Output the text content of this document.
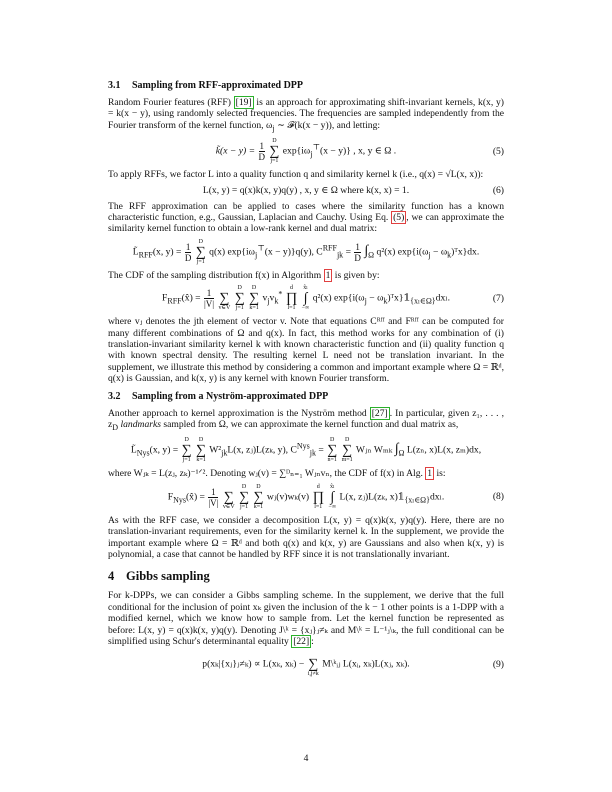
3.1 Sampling from RFF-approximated DPP

Random Fourier features (RFF) [19] is an approach for approximating shift-invariant kernels, k(x, y) = k(x − y), using randomly selected frequencies. The frequencies are sampled independently from the Fourier transform of the kernel function, $\omega_j$ ∼ 𝓕(k(x − y)), and letting:

k̃(x − $y) = \frac{1}{D}$
	D
∑
j=1
$\exp\{i\omega_j^⊤(x - y)\}$ , x, y ∈ Ω .	(5)

To apply RFFs, we factor L into a quality function q and similarity kernel k (i.e., q(x) = √L(x, x)):

L(x, y) = q(x)k(x, y)q(y) , x, y ∈ Ω where k(x, x) = 1.	(6)

The RFF approximation can be applied to cases where the similarity function has a known characteristic function, e.g., Gaussian, Laplacian and Cauchy. Using Eq. (5) , we can approximate the similarity kernel function to obtain a low-rank kernel and dual matrix:

$L̃_{RFF}(x$, $y) = \frac{1}{D}$
	D
∑
j=1
q(x) $\exp\{i\omega_j^⊤(x - y)\}q(y)$, $C^{RFF}_{jk} = \frac{1}{D} \int_\Omega$ q²(x) $\exp\{i(\omega_j$ − $\omega_k)ᵀx\}dx$.

The CDF of the sampling distribution f(x) in Algorithm 1 is given by:

$F_{RFF}(x̂) = \frac{1}{|V|}$

∑
v∈V

D
∑
j=1

D
∑
k=1
$v_jv_k^*$
d
∏
l=1

x̂ₗ
∫
−∞
q²(x) $\exp\{i(\omega_j$ − $\omega_k)ᵀx\}𝟙_{\{x_l\in\Omega\}}dx_l$.	(7)

where vⱼ denotes the jth element of vector v. Note that equations Cᴿᶠᶠ and Fᴿᶠᶠ can be computed for many different combinations of Ω and q(x). In fact, this method works for any combination of (i) translation-invariant similarity kernel k with known characteristic function and (ii) quality function q with known spectral density. The resulting kernel L need not be translation invariant. In the supplement, we illustrate this method by considering a common and important example where Ω = ℝᵈ, q(x) is Gaussian, and k(x, y) is any kernel with known Fourier transform.

3.2 Sampling from a Nyström-approximated DPP

Another approach to kernel approximation is the Nyström method [27] . In particular, given z₁, . . . , $z_D$ landmarks sampled from Ω, we can approximate the kernel function and dual matrix as,

$L̃_{Nys}(x$, y) =
D
∑
j=1

D
∑
k=1
$W^2_{jk}L(x$, zⱼ)L(zₖ, y), $C^{Nys}_{jk}$ =
D
∑
n=1

D
∑
m=1
Wⱼₙ Wₘₖ $\int_\Omega$ L(zₙ, x)L(x, zₘ)dx,

where Wⱼₖ = L(zⱼ, zₖ)⁻¹ᐟ². Denoting wⱼ(v) = ∑ᴰₙ₌₁ Wⱼₙvₙ, the CDF of f(x) in Alg. 1 is:

$F_{Nys}(x̂) = \frac{1}{|V|}$

∑
v∈V

D
∑
j=1

D
∑
k=1
wⱼ(v)wₖ(v)
d
∏
l=1

x̂ₗ
∫
−∞
L(x, zⱼ)L(zₖ, $x)𝟙_{\{x_l\in\Omega\}}dx_l$.	(8)

As with the RFF case, we consider a decomposition L(x, y) = q(x)k(x, y)q(y). Here, there are no translation-invariant requirements, even for the similarity kernel k. In the supplement, we provide the important example where Ω = ℝᵈ and both q(x) and k(x, y) are Gaussians and also when k(x, y) is polynomial, a case that cannot be handled by RFF since it is not translationally invariant.

4 Gibbs sampling

For k-DPPs, we can consider a Gibbs sampling scheme. In the supplement, we derive that the full conditional for the inclusion of point xₖ given the inclusion of the k − 1 other points is a 1-DPP with a modified kernel, which we know how to sample from. Let the kernel function be represented as before: L(x, y) = q(x)k(x, y)q(y). Denoting J\ᵏ = {xⱼ}ⱼ≠ₖ and M\ᵏ = L⁻¹ⱼ\ₖ, the full conditional can be simplified using Schur's determinantal equality [22] :

p(xₖ|{xⱼ}ⱼ≠ₖ) ∝ L(xₖ, xₖ) −
∑
i,j≠k
M\ᵏᵢⱼ L(xᵢ, xₖ)L(xⱼ, xₖ).	(9)
4
